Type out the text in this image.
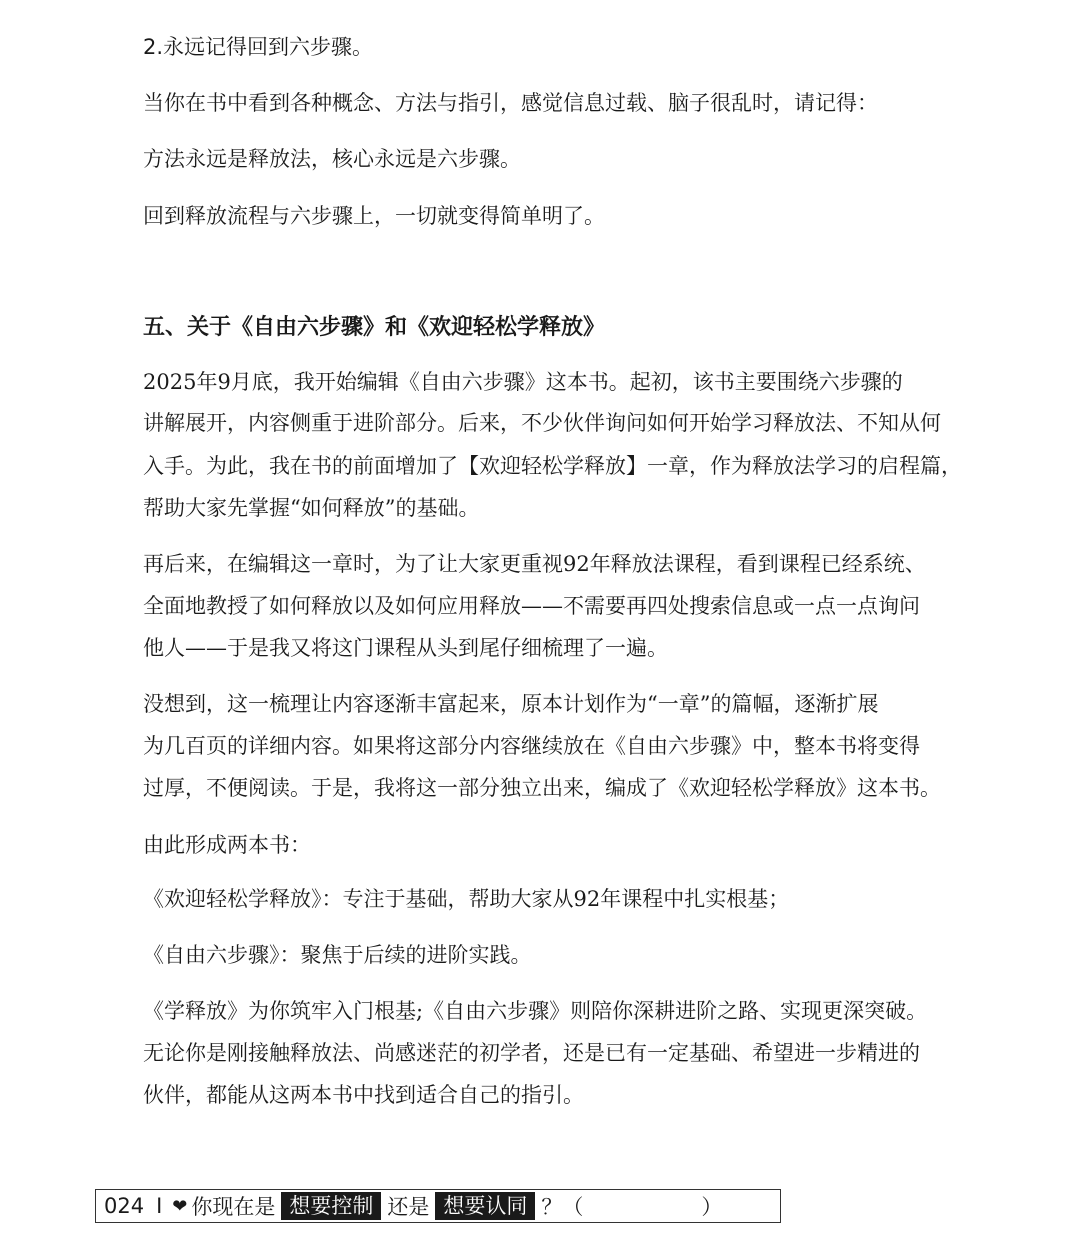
2.永远记得回到六步骤。
当你在书中看到各种概念、方法与指引，感觉信息过载、脑子很乱时，请记得：
方法永远是释放法，核心永远是六步骤。
回到释放流程与六步骤上，一切就变得简单明了。
五、关于《自由六步骤》和《欢迎轻松学释放》
2025年9月底，我开始编辑《自由六步骤》这本书。起初，该书主要围绕六步骤的
讲解展开，内容侧重于进阶部分。后来，不少伙伴询问如何开始学习释放法、不知从何
入手。为此，我在书的前面增加了【欢迎轻松学释放】一章，作为释放法学习的启程篇，
帮助大家先掌握“如何释放”的基础。
再后来，在编辑这一章时，为了让大家更重视92年释放法课程，看到课程已经系统、
全面地教授了如何释放以及如何应用释放——不需要再四处搜索信息或一点一点询问
他人——于是我又将这门课程从头到尾仔细梳理了一遍。
没想到，这一梳理让内容逐渐丰富起来，原本计划作为“一章”的篇幅，逐渐扩展
为几百页的详细内容。如果将这部分内容继续放在《自由六步骤》中，整本书将变得
过厚，不便阅读。于是，我将这一部分独立出来，编成了《欢迎轻松学释放》这本书。
由此形成两本书：
《欢迎轻松学释放》：专注于基础，帮助大家从92年课程中扎实根基；
《自由六步骤》：聚焦于后续的进阶实践。
《学释放》为你筑牢入门根基;《自由六步骤》则陪你深耕进阶之路、实现更深突破。
无论你是刚接触释放法、尚感迷茫的初学者，还是已有一定基础、希望进一步精进的
伙伴，都能从这两本书中找到适合自己的指引。
024 I ❤ 你现在是 想要控制 还是 想要认同 ？ （	）
